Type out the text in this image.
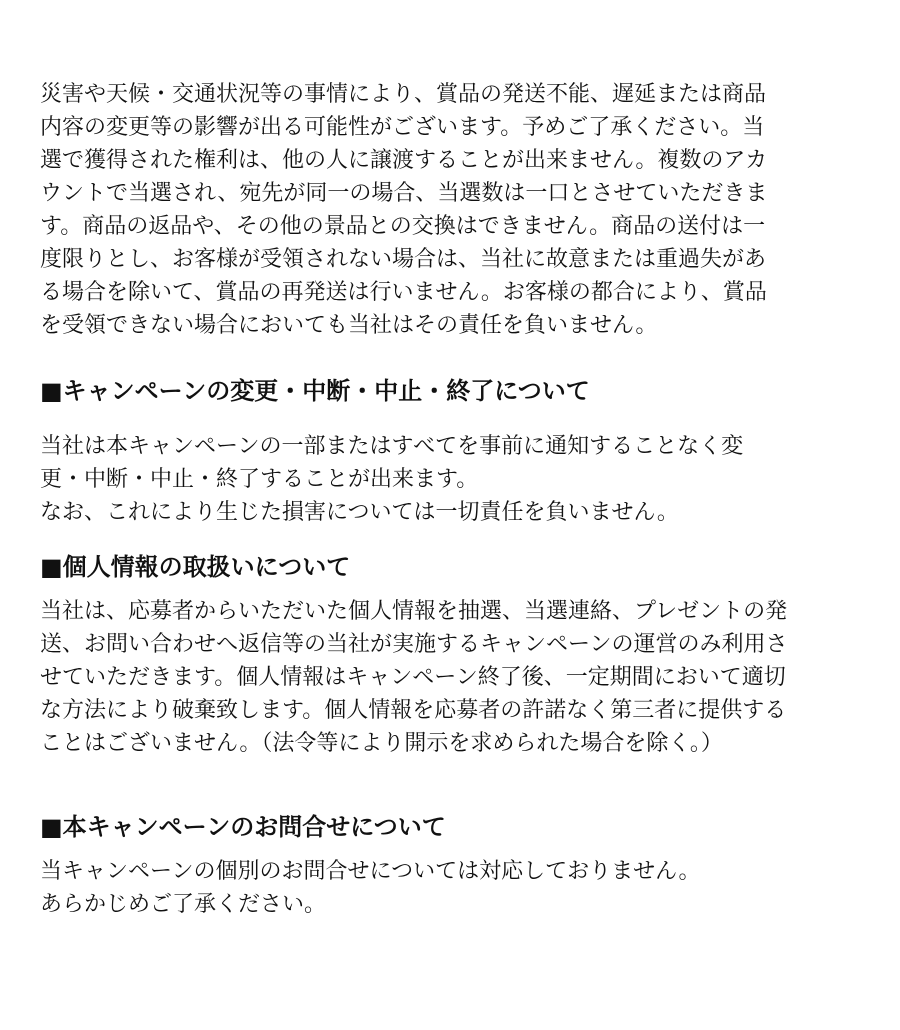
災害や天候・交通状況等の事情により、賞品の発送不能、遅延または商品
内容の変更等の影響が出る可能性がございます。予めご了承ください。当
選で獲得された権利は、他の人に譲渡することが出来ません。複数のアカ
ウントで当選され、宛先が同一の場合、当選数は一口とさせていただきま
す。商品の返品や、その他の景品との交換はできません。商品の送付は一
度限りとし、お客様が受領されない場合は、当社に故意または重過失があ
る場合を除いて、賞品の再発送は行いません。お客様の都合により、賞品
を受領できない場合においても当社はその責任を負いません。

■キャンペーンの変更・中断・中止・終了について

当社は本キャンペーンの一部またはすべてを事前に通知することなく変
更・中断・中止・終了することが出来ます。
なお、これにより生じた損害については一切責任を負いません。

■個人情報の取扱いについて

当社は、応募者からいただいた個人情報を抽選、当選連絡、プレゼントの発
送、お問い合わせへ返信等の当社が実施するキャンペーンの運営のみ利用さ
せていただきます。個人情報はキャンペーン終了後、一定期間において適切
な方法により破棄致します。個人情報を応募者の許諾なく第三者に提供する
ことはございません。（法令等により開示を求められた場合を除く。）

■本キャンペーンのお問合せについて

当キャンペーンの個別のお問合せについては対応しておりません。
あらかじめご了承ください。
